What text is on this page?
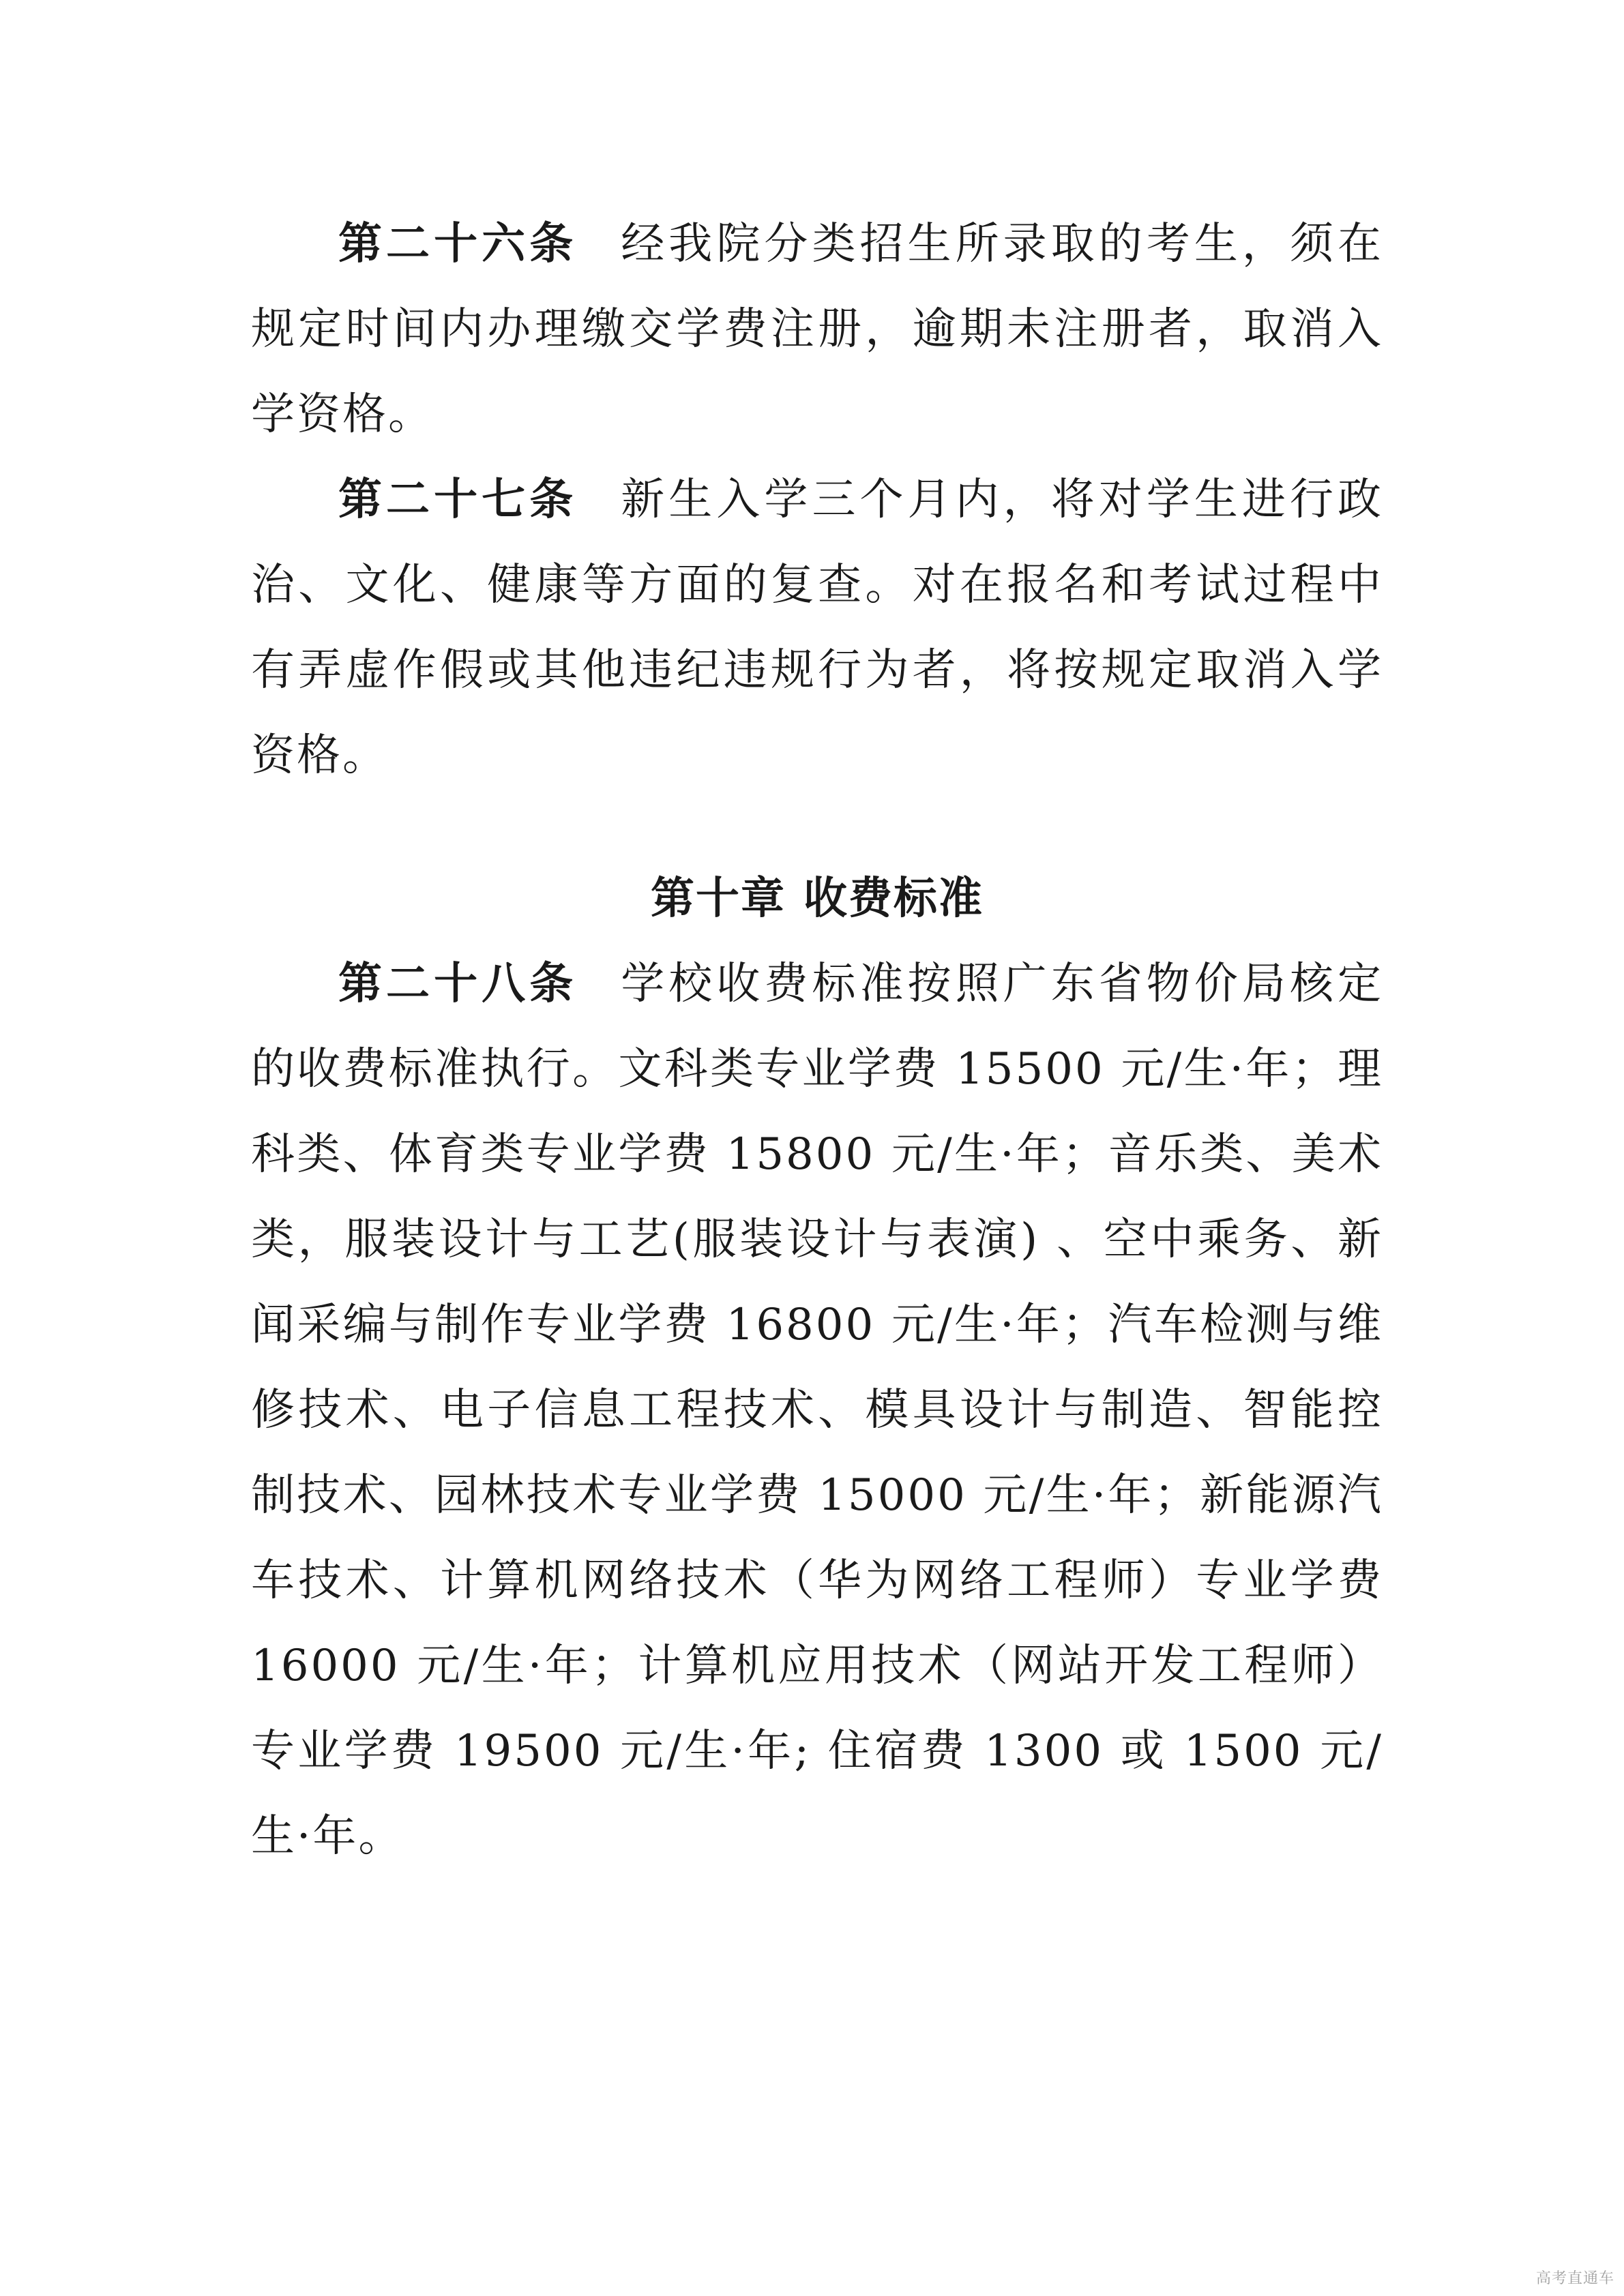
第二十六条 经我院分类招生所录取的考生，须在规定时间内办理缴交学费注册，逾期未注册者，取消入学资格。

第二十七条 新生入学三个月内，将对学生进行政治、文化、健康等方面的复查。对在报名和考试过程中有弄虚作假或其他违纪违规行为者，将按规定取消入学资格。

第十章 收费标准

第二十八条 学校收费标准按照广东省物价局核定的收费标准执行。文科类专业学费 15500 元/生·年；理科类、体育类专业学费 15800 元/生·年；音乐类、美术类，服装设计与工艺(服装设计与表演) 、空中乘务、新闻采编与制作专业学费 16800 元/生·年；汽车检测与维修技术、电子信息工程技术、模具设计与制造、智能控制技术、园林技术专业学费 15000 元/生·年；新能源汽车技术、计算机网络技术（华为网络工程师）专业学费 16000 元/生·年；计算机应用技术（网站开发工程师）专业学费 19500 元/生·年; 住宿费 1300 或 1500 元/生·年。

高考直通车
